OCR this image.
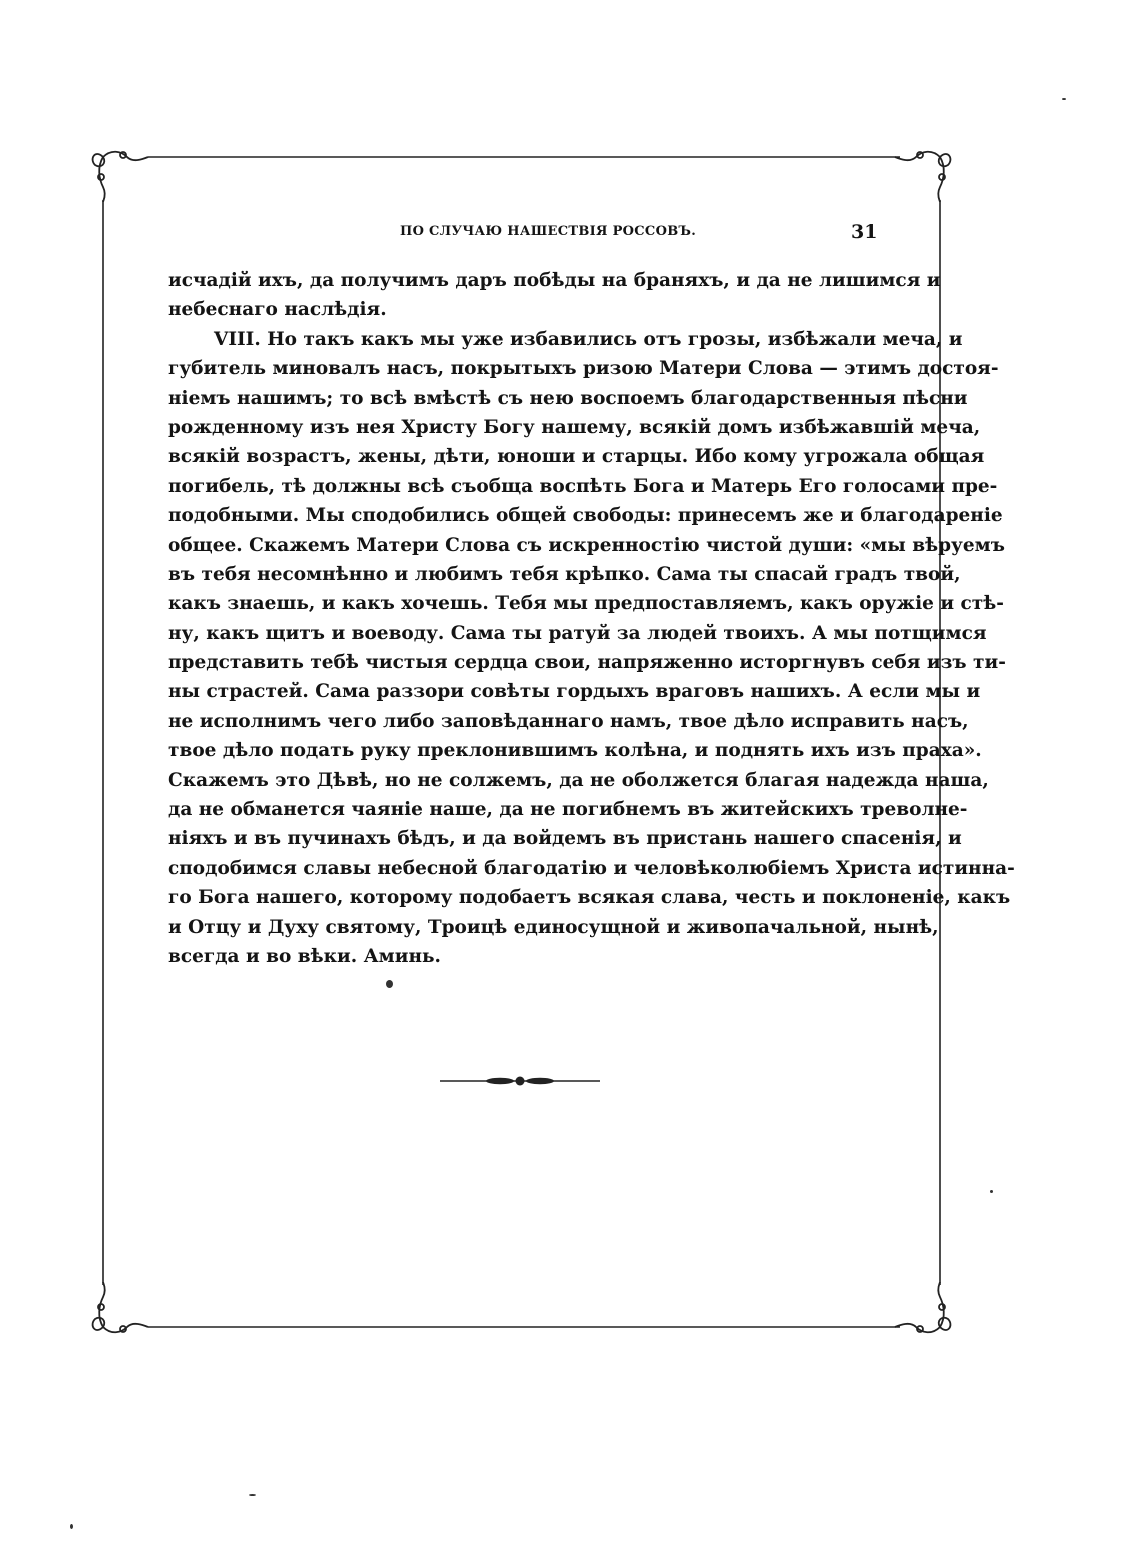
ПО СЛУЧАЮ НАШЕСТВІЯ РОССОВЪ.	31
исчадій ихъ, да получимъ даръ побѣды на браняхъ, и да не лишимся и
небеснаго наслѣдія.
VIII. Но такъ какъ мы уже избавились отъ грозы, избѣжали меча, и
губитель миновалъ насъ, покрытыхъ ризою Матери Слова — этимъ достоя-
ніемъ нашимъ; то всѣ вмѣстѣ съ нею воспоемъ благодарственныя пѣсни
рожденному изъ нея Христу Богу нашему, всякій домъ избѣжавшій меча,
всякій возрастъ, жены, дѣти, юноши и старцы. Ибо кому угрожала общая
погибель, тѣ должны всѣ съобща воспѣть Бога и Матерь Его голосами пре-
подобными. Мы сподобились общей свободы: принесемъ же и благодареніе
общее. Скажемъ Матери Слова съ искренностію чистой души: «мы вѣруемъ
въ тебя несомнѣнно и любимъ тебя крѣпко. Сама ты спасай градъ твой,
какъ знаешь, и какъ хочешь. Тебя мы предпоставляемъ, какъ оружіе и стѣ-
ну, какъ щитъ и воеводу. Сама ты ратуй за людей твоихъ. А мы потщимся
представить тебѣ чистыя сердца свои, напряженно исторгнувъ себя изъ ти-
ны страстей. Сама раззори совѣты гордыхъ враговъ нашихъ. А если мы и
не исполнимъ чего либо заповѣданнаго намъ, твое дѣло исправить насъ,
твое дѣло подать руку преклонившимъ колѣна, и поднять ихъ изъ праха».
Скажемъ это Дѣвѣ, но не солжемъ, да не оболжется благая надежда наша,
да не обманется чаяніе наше, да не погибнемъ въ житейскихъ треволне-
ніяхъ и въ пучинахъ бѣдъ, и да войдемъ въ пристань нашего спасенія, и
сподобимся славы небесной благодатію и человѣколюбіемъ Христа истинна-
го Бога нашего, которому подобаетъ всякая слава, честь и поклоненіе, какъ
и Отцу и Духу святому, Троицѣ единосущной и живопачальной, нынѣ,
всегда и во вѣки. Аминь.
